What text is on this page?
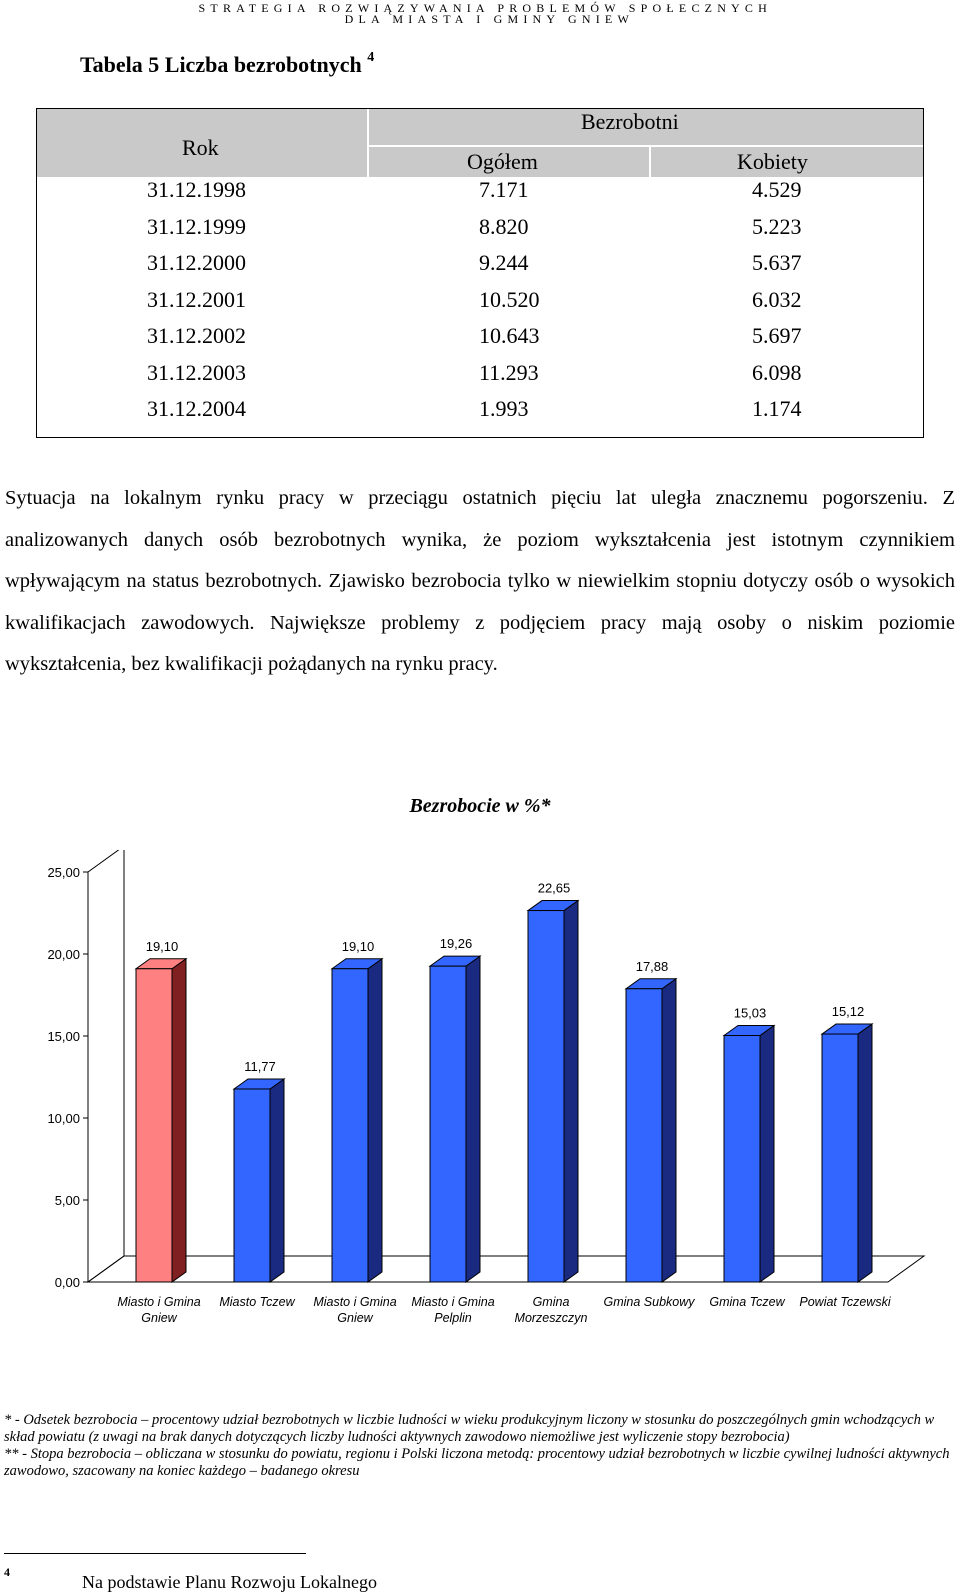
STRATEGIA ROZWIĄZYWANIA PROBLEMÓW SPOŁECZNYCH
DLA MIASTA I GMINY GNIEW
Tabela 5 Liczba bezrobotnych $^4$
Rok
Bezrobotni
Ogółem	Kobiety
31.12.1998	7.171	4.529
31.12.1999	8.820	5.223
31.12.2000	9.244	5.637
31.12.2001	10.520	6.032
31.12.2002	10.643	5.697
31.12.2003	11.293	6.098
31.12.2004	1.993	1.174
Sytuacja na lokalnym rynku pracy w przeciągu ostatnich pięciu lat uległa znacznemu pogorszeniu. Z analizowanych danych osób bezrobotnych wynika, że poziom wykształcenia jest istotnym czynnikiem wpływającym na status bezrobotnych. Zjawisko bezrobocia tylko w niewielkim stopniu dotyczy osób o wysokich kwalifikacjach zawodowych. Największe problemy z podjęciem pracy mają osoby o niskim poziomie wykształcenia, bez kwalifikacji pożądanych na rynku pracy.
Bezrobocie w %*
0,00
5,00
10,00
15,00
20,00
25,00
19,10
Miasto i Gmina Gniew
11,77
Miasto Tczew
19,10
Miasto i Gmina Gniew
19,26
Miasto i Gmina Pelplin
22,65
Gmina Morzeszczyn
17,88
Gmina Subkowy
15,03
Gmina Tczew
15,12
Powiat Tczewski

* - Odsetek bezrobocia – procentowy udział bezrobotnych w liczbie ludności w wieku produkcyjnym liczony w stosunku do poszczególnych gmin wchodzących w skład powiatu (z uwagi na brak danych dotyczących liczby ludności aktywnych zawodowo niemożliwe jest wyliczenie stopy bezrobocia)

** - Stopa bezrobocia – obliczana w stosunku do powiatu, regionu i Polski liczona metodą: procentowy udział bezrobotnych w liczbie cywilnej ludności aktywnych zawodowo, szacowany na koniec każdego – badanego okresu

4	Na podstawie Planu Rozwoju Lokalnego
